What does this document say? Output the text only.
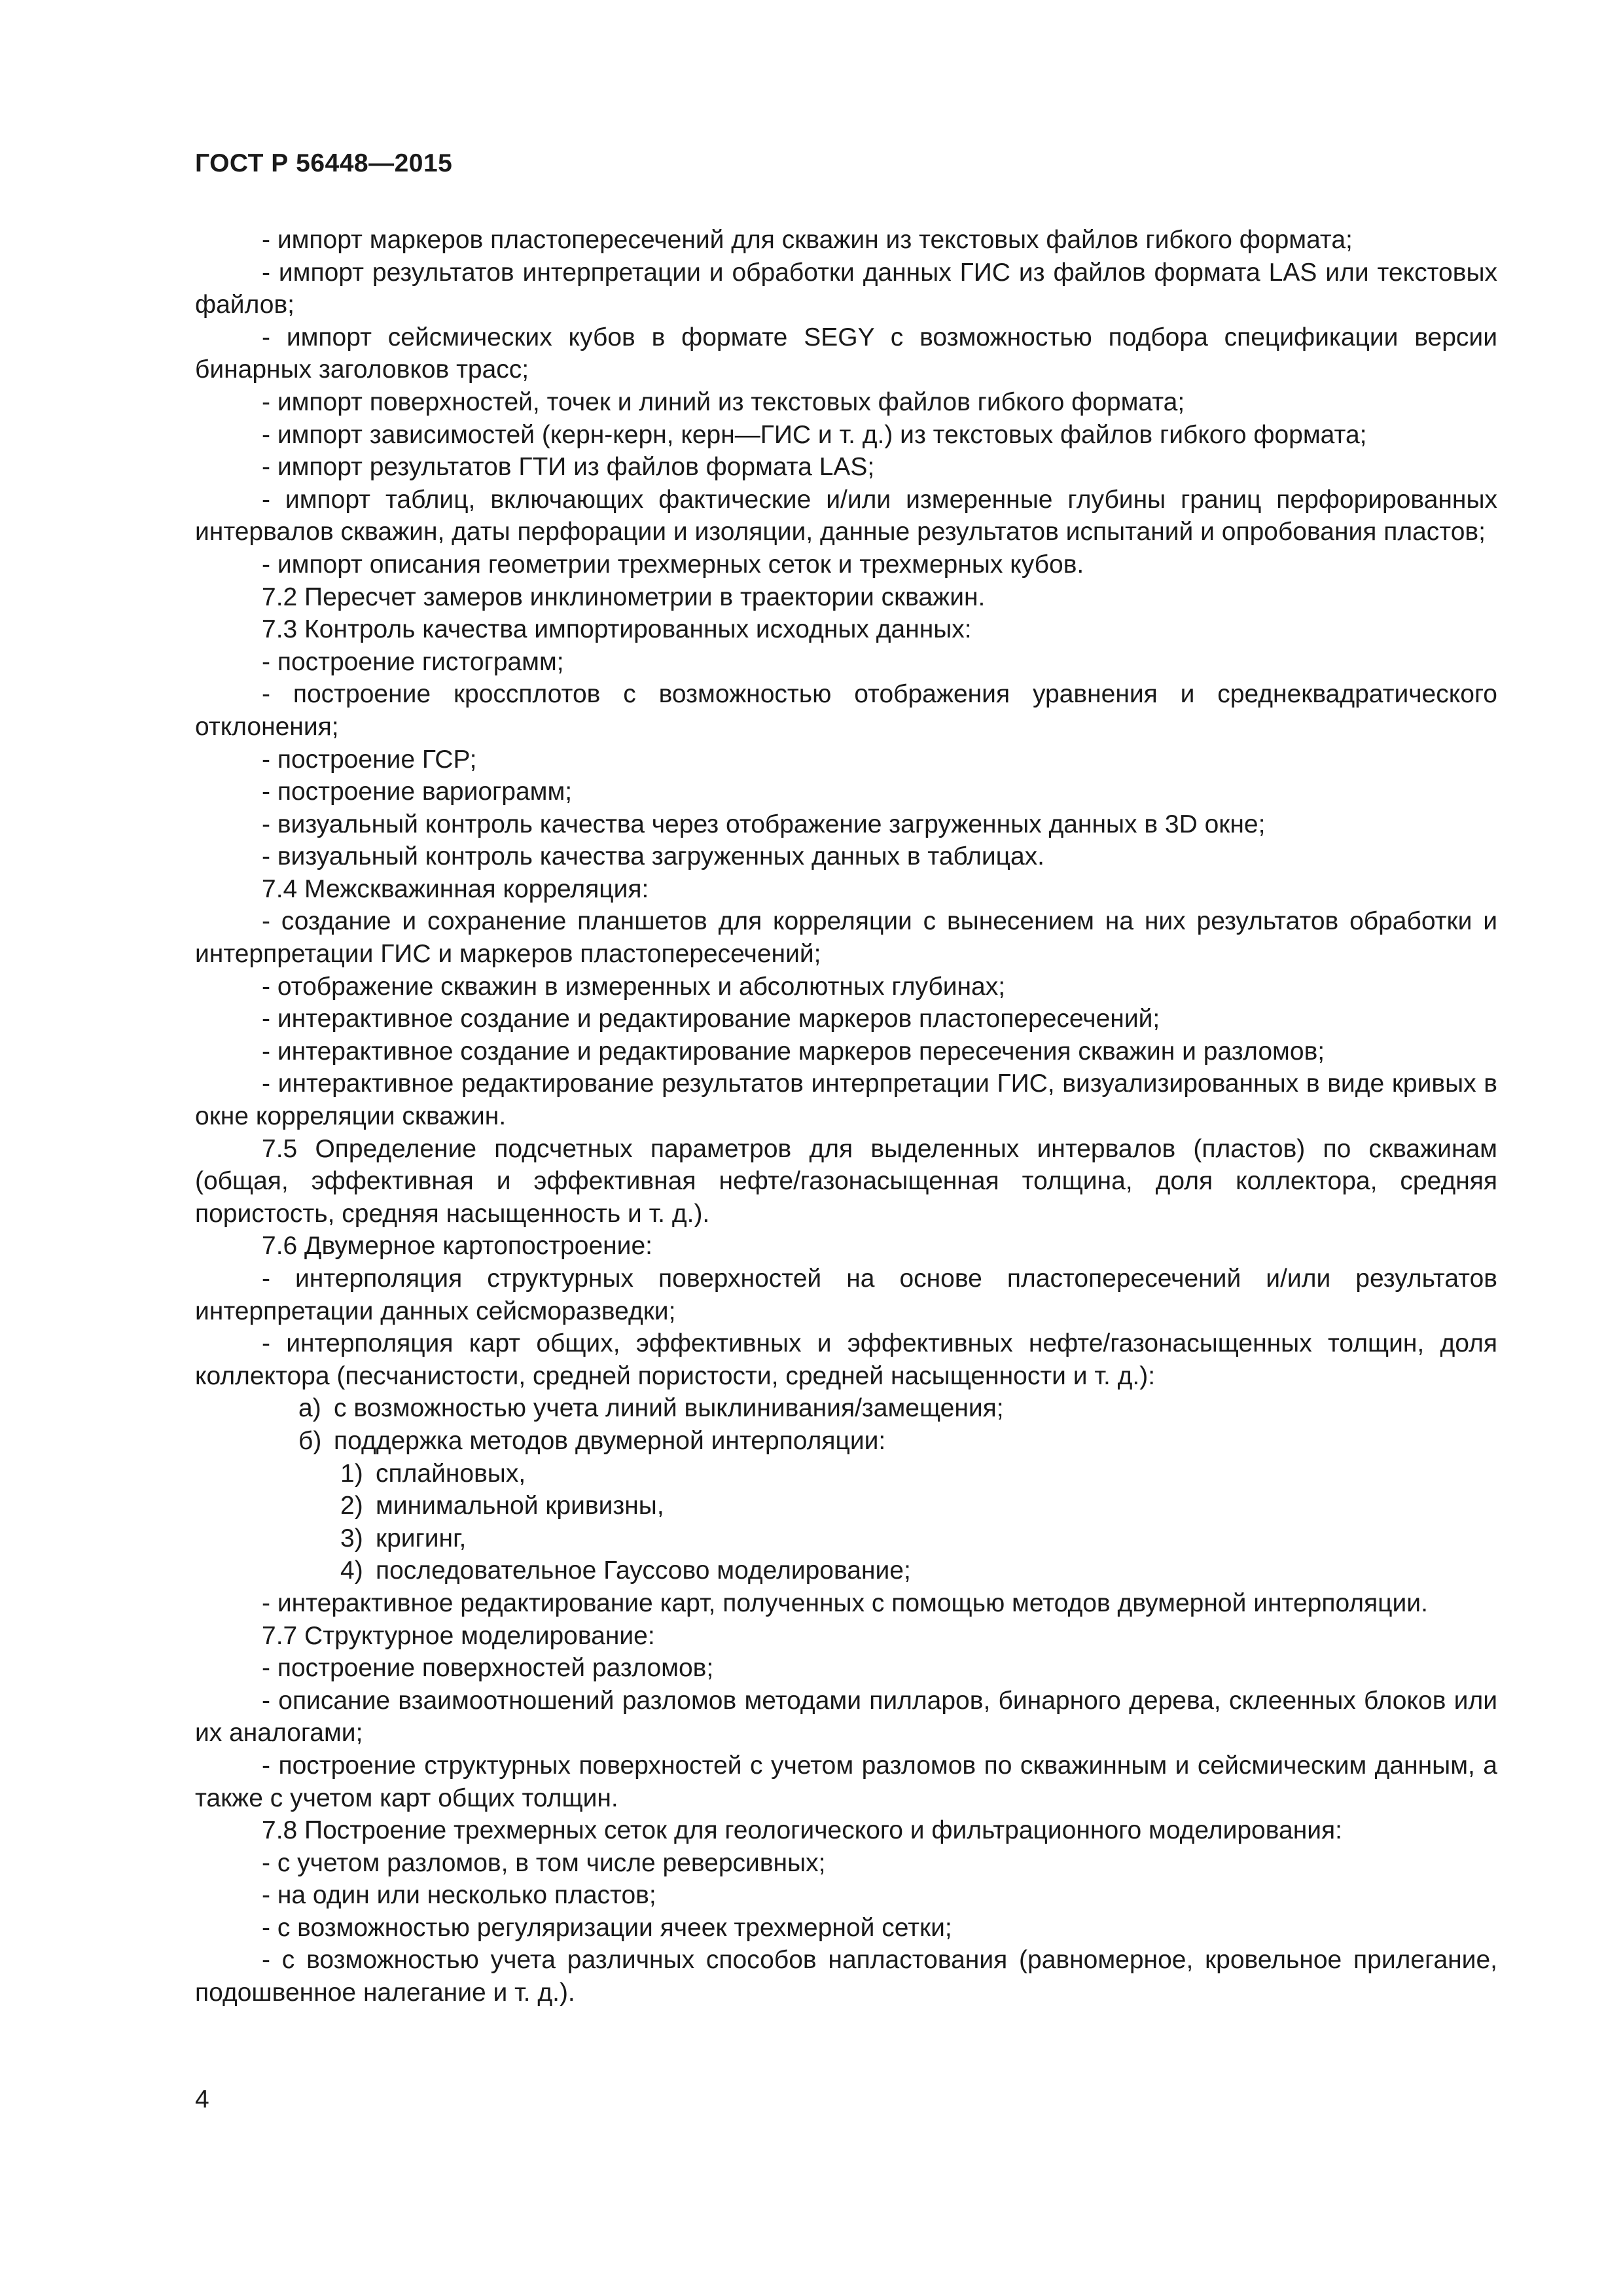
ГОСТ Р 56448—2015

- импорт маркеров пластопересечений для скважин из текстовых файлов гибкого формата;

- импорт результатов интерпретации и обработки данных ГИС из файлов формата LAS или текстовых файлов;

- импорт сейсмических кубов в формате SEGY с возможностью подбора спецификации версии бинарных заголовков трасс;

- импорт поверхностей, точек и линий из текстовых файлов гибкого формата;

- импорт зависимостей (керн-керн, керн—ГИС и т. д.) из текстовых файлов гибкого формата;

- импорт результатов ГТИ из файлов формата LAS;

- импорт таблиц, включающих фактические и/или измеренные глубины границ перфорированных интервалов скважин, даты перфорации и изоляции, данные результатов испытаний и опробования пластов;

- импорт описания геометрии трехмерных сеток и трехмерных кубов.

7.2 Пересчет замеров инклинометрии в траектории скважин.

7.3 Контроль качества импортированных исходных данных:

- построение гистограмм;

- построение кроссплотов с возможностью отображения уравнения и среднеквадратического отклонения;

- построение ГСР;

- построение вариограмм;

- визуальный контроль качества через отображение загруженных данных в 3D окне;

- визуальный контроль качества загруженных данных в таблицах.

7.4 Межскважинная корреляция:

- создание и сохранение планшетов для корреляции с вынесением на них результатов обработки и интерпретации ГИС и маркеров пластопересечений;

- отображение скважин в измеренных и абсолютных глубинах;

- интерактивное создание и редактирование маркеров пластопересечений;

- интерактивное создание и редактирование маркеров пересечения скважин и разломов;

- интерактивное редактирование результатов интерпретации ГИС, визуализированных в виде кривых в окне корреляции скважин.

7.5 Определение подсчетных параметров для выделенных интервалов (пластов) по скважинам (общая, эффективная и эффективная нефте/газонасыщенная толщина, доля коллектора, средняя пористость, средняя насыщенность и т. д.).

7.6 Двумерное картопостроение:

- интерполяция структурных поверхностей на основе пластопересечений и/или результатов интерпретации данных сейсморазведки;

- интерполяция карт общих, эффективных и эффективных нефте/газонасыщенных толщин, доля коллектора (песчанистости, средней пористости, средней насыщенности и т. д.):

а) с возможностью учета линий выклинивания/замещения;

б) поддержка методов двумерной интерполяции:

1) сплайновых,

2) минимальной кривизны,

3) кригинг,

4) последовательное Гауссово моделирование;

- интерактивное редактирование карт, полученных с помощью методов двумерной интерполяции.

7.7 Структурное моделирование:

- построение поверхностей разломов;

- описание взаимоотношений разломов методами пилларов, бинарного дерева, склеенных блоков или их аналогами;

- построение структурных поверхностей с учетом разломов по скважинным и сейсмическим данным, а также с учетом карт общих толщин.

7.8 Построение трехмерных сеток для геологического и фильтрационного моделирования:

- с учетом разломов, в том числе реверсивных;

- на один или несколько пластов;

- с возможностью регуляризации ячеек трехмерной сетки;

- с возможностью учета различных способов напластования (равномерное, кровельное прилегание, подошвенное налегание и т. д.).

4
